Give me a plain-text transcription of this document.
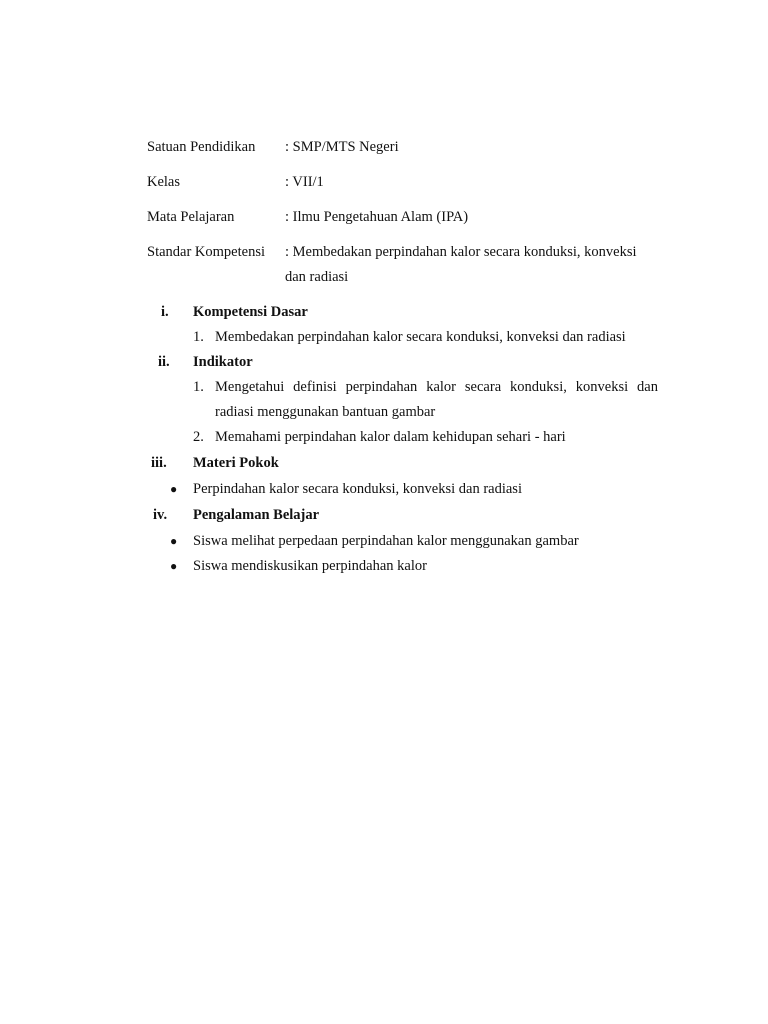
Satuan Pendidikan : SMP/MTS Negeri
Kelas	: VII/1
Mata Pelajaran	: Ilmu Pengetahuan Alam (IPA)
Standar Kompetensi : Membedakan perpindahan kalor secara konduksi, konveksi
dan radiasi
i. Kompetensi Dasar
1. Membedakan perpindahan kalor secara konduksi, konveksi dan radiasi
ii. Indikator
1. Mengetahui definisi perpindahan kalor secara konduksi, konveksi dan
radiasi menggunakan bantuan gambar
2. Memahami perpindahan kalor dalam kehidupan sehari - hari
iii. Materi Pokok
● Perpindahan kalor secara konduksi, konveksi dan radiasi
iv. Pengalaman Belajar
● Siswa melihat perpedaan perpindahan kalor menggunakan gambar
● Siswa mendiskusikan perpindahan kalor
